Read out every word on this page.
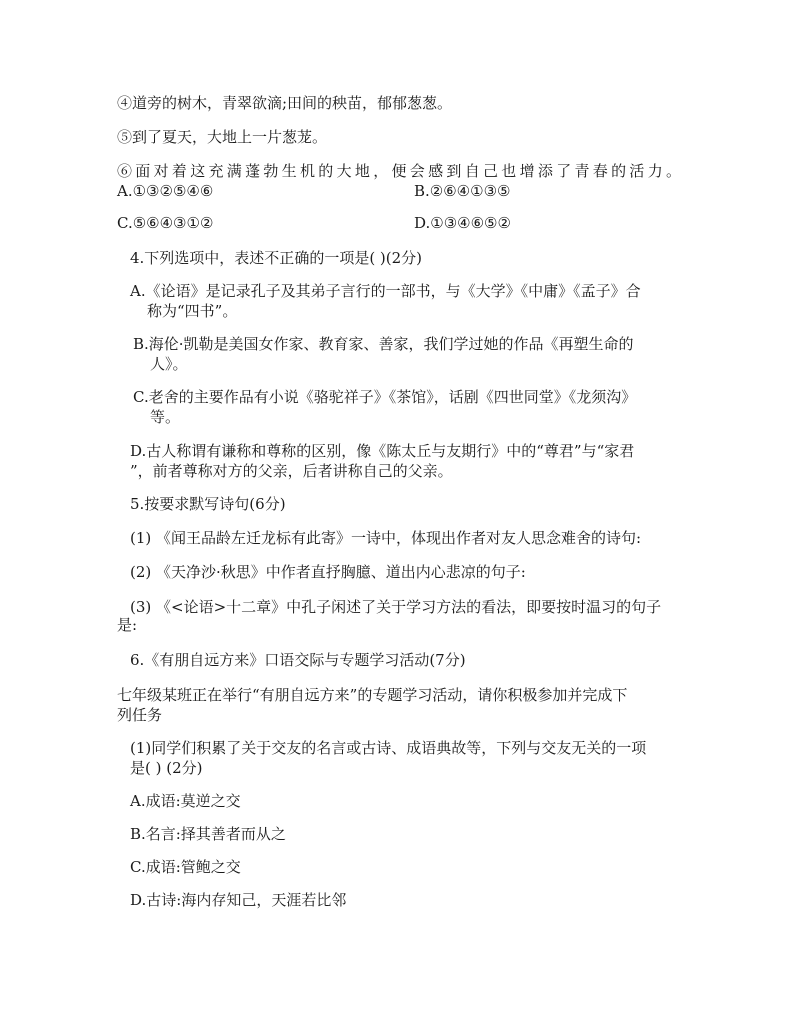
④道旁的树木，青翠欲滴;田间的秧苗，郁郁葱葱。
⑤到了夏天，大地上一片葱茏。
⑥面对着这充满蓬勃生机的大地，便会感到自己也增添了青春的活力。
A.①③②⑤④⑥	B.②⑥④①③⑤
C.⑤⑥④③①②	D.①③④⑥⑤②
4.下列选项中，表述不正确的一项是( )(2分)
A.《论语》是记录孔子及其弟子言行的一部书，与《大学》《中庸》《孟子》合
称为“四书”。
B.海伦·凯勒是美国女作家、教育家、善家，我们学过她的作品《再塑生命的
人》。
C.老舍的主要作品有小说《骆驼祥子》《茶馆》，话剧《四世同堂》《龙须沟》
等。
D.古人称谓有谦称和尊称的区别，像《陈太丘与友期行》中的“尊君”与“家君
”，前者尊称对方的父亲，后者讲称自己的父亲。
5.按要求默写诗句(6分)
(1) 《闻王品龄左迁龙标有此寄》一诗中，体现出作者对友人思念难舍的诗句:
(2) 《天净沙·秋思》中作者直抒胸臆、道出内心悲凉的句子:
(3) 《<论语>十二章》中孔子闲述了关于学习方法的看法，即要按时温习的句子
是:
6.《有朋自远方来》口语交际与专题学习活动(7分)
七年级某班正在举行“有朋自远方来”的专题学习活动，请你积极参加并完成下
列任务
(1)同学们积累了关于交友的名言或古诗、成语典故等，下列与交友无关的一项
是( ) (2分)
A.成语:莫逆之交
B.名言:择其善者而从之
C.成语:管鲍之交
D.古诗:海内存知己，天涯若比邻
